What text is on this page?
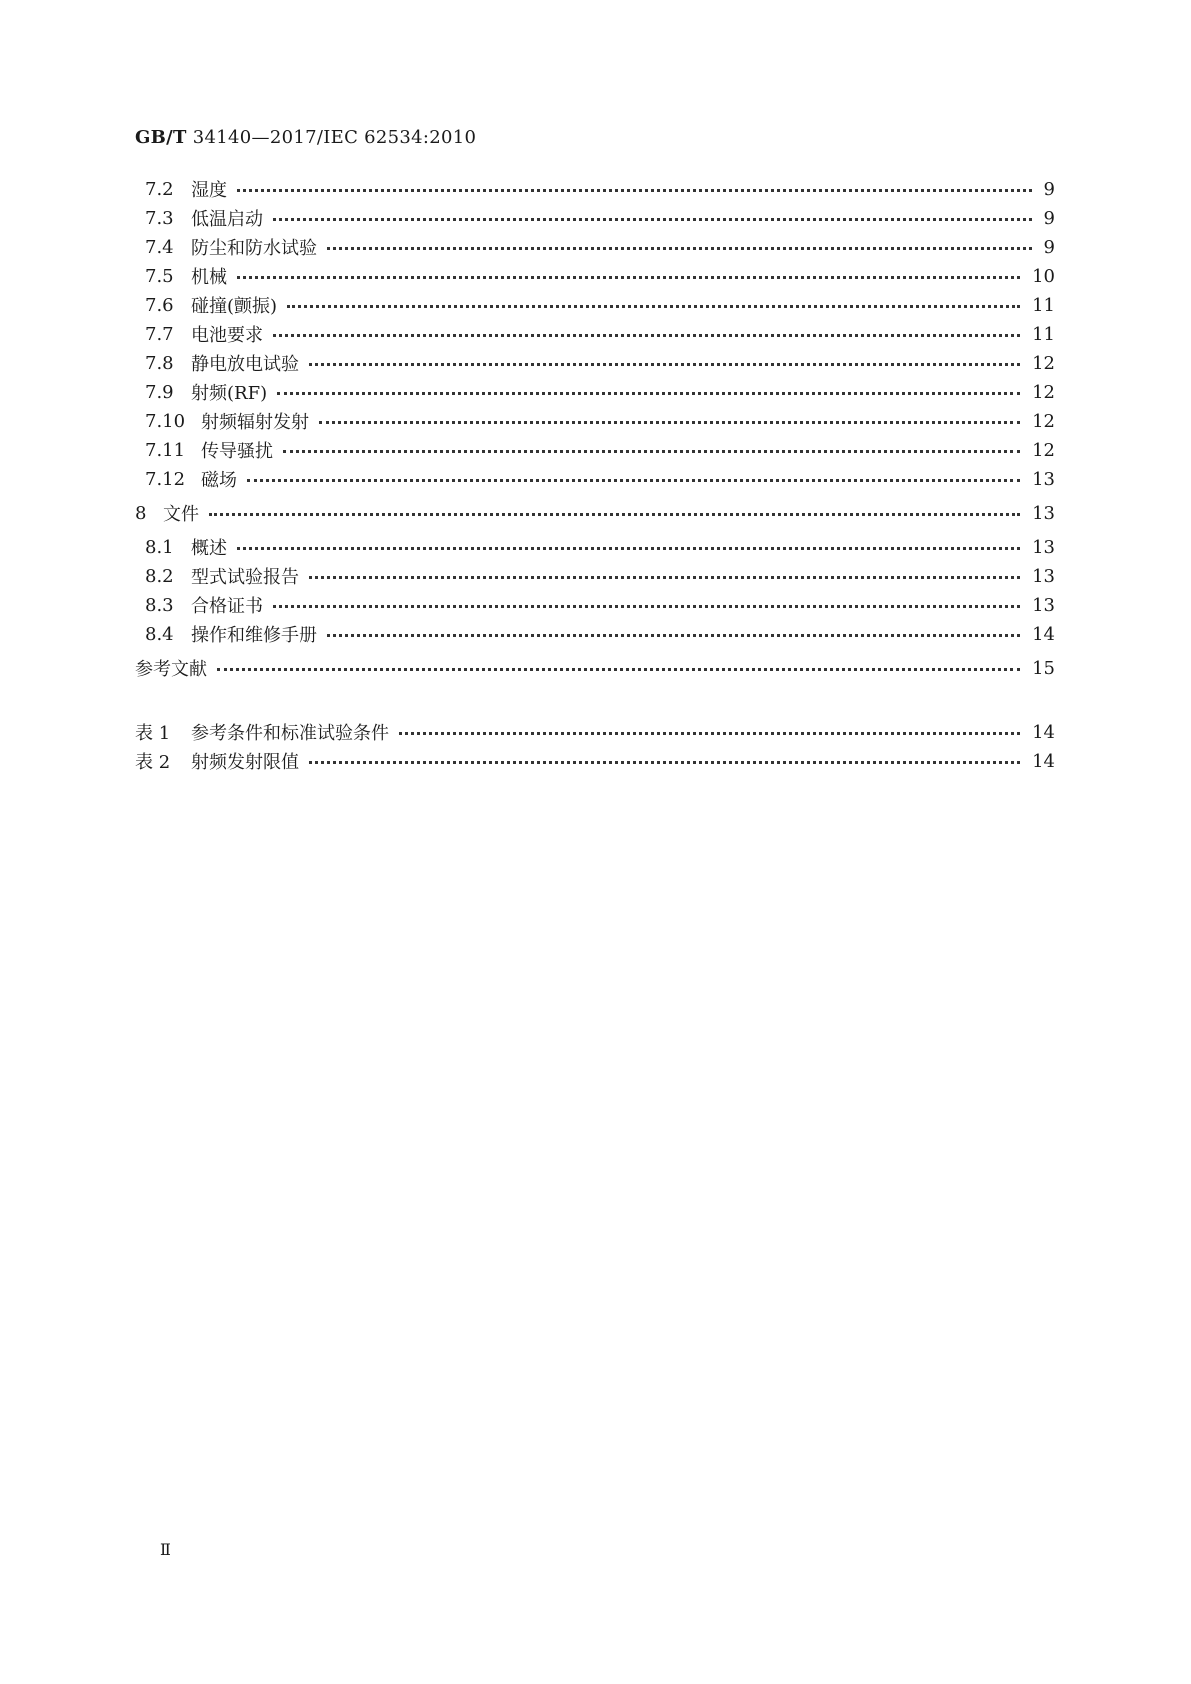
GB/T 34140—2017/IEC 62534:2010
7.2 湿度	9
7.3 低温启动	9
7.4 防尘和防水试验	9
7.5 机械	10
7.6 碰撞(颤振)	11
7.7 电池要求	11
7.8 静电放电试验	12
7.9 射频(RF)	12
7.10 射频辐射发射	12
7.11 传导骚扰	12
7.12 磁场	13
8 文件	13
8.1 概述	13
8.2 型式试验报告	13
8.3 合格证书	13
8.4 操作和维修手册	14
参考文献	15
表 1	参考条件和标准试验条件	14
表 2	射频发射限值	14
Ⅱ
